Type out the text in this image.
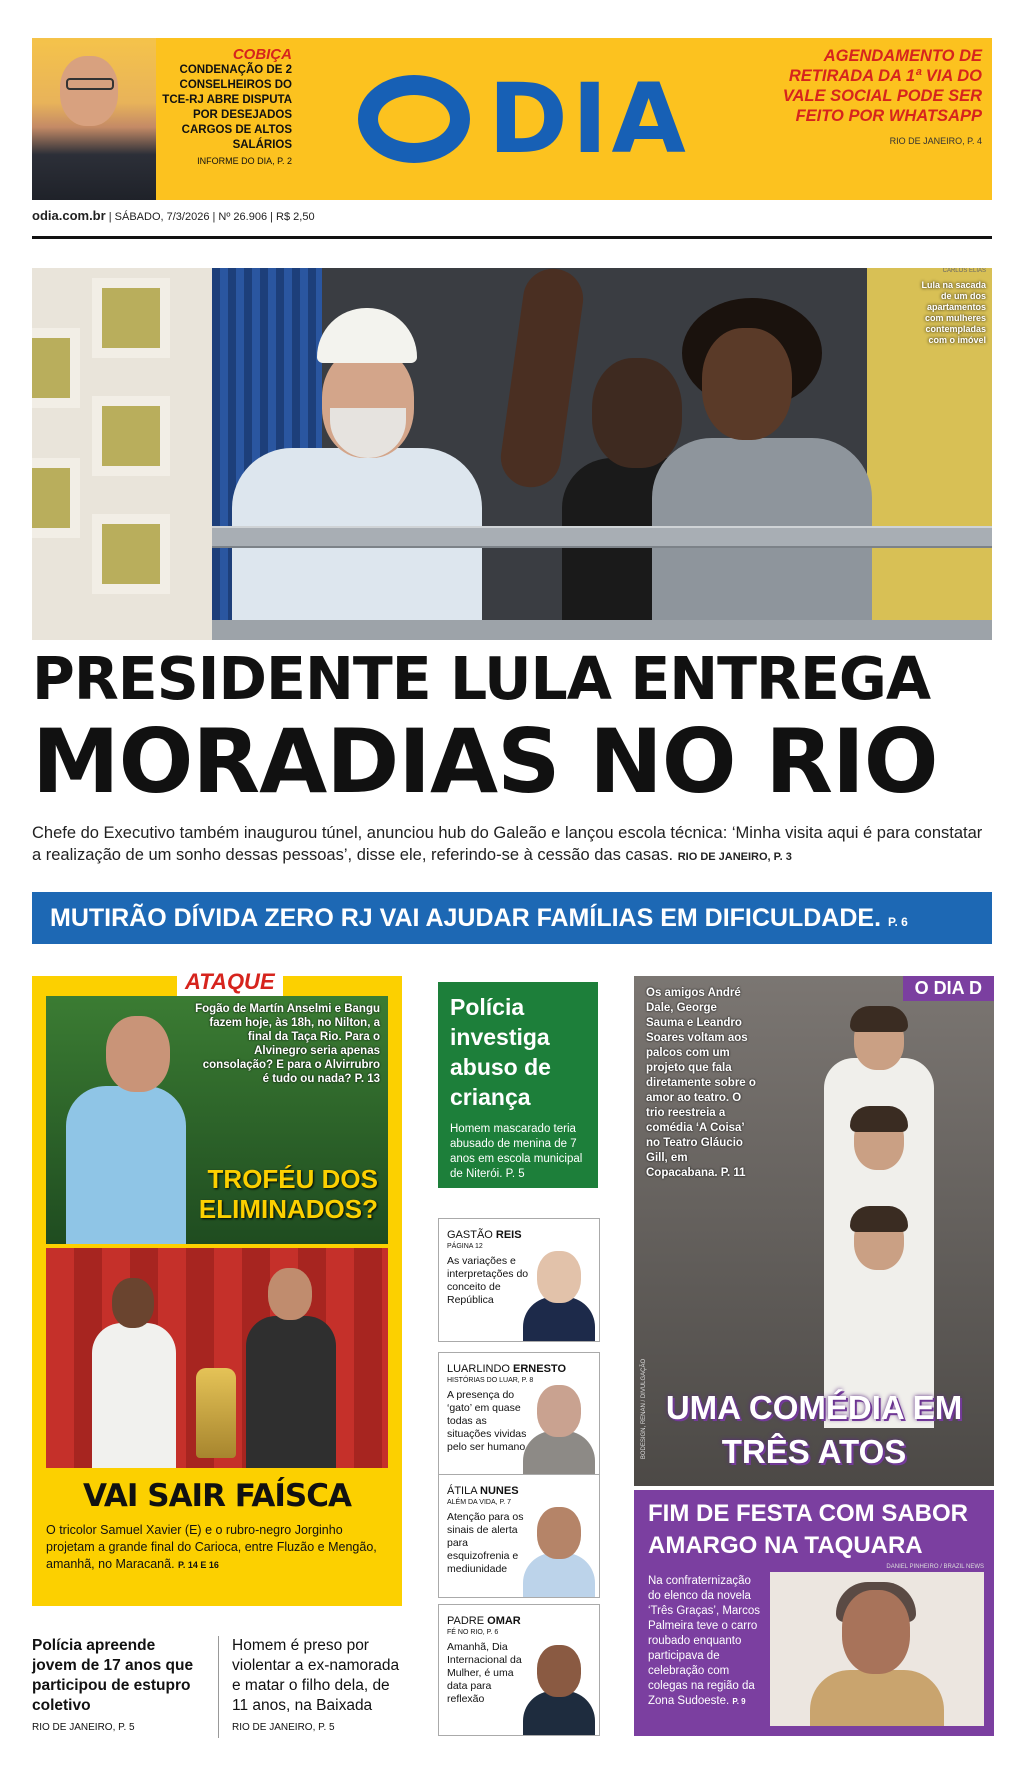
COBIÇA
CONDENAÇÃO DE 2 CONSELHEIROS DO TCE-RJ ABRE DISPUTA POR DESEJADOS CARGOS DE ALTOS SALÁRIOS
INFORME DO DIA, P. 2 DIA
AGENDAMENTO DE RETIRADA DA 1ª VIA DO VALE SOCIAL PODE SER FEITO POR WHATSAPP
RIO DE JANEIRO, P. 4
odia.com.br | SÁBADO, 7/3/2026 | Nº 26.906 | R$ 2,50
Lula na sacada de um dos apartamentos com mulheres contempladas com o imóvel
CARLOS ELIAS
PRESIDENTE LULA ENTREGA
MORADIAS NO RIO
Chefe do Executivo também inaugurou túnel, anunciou hub do Galeão e lançou escola técnica: ‘Minha visita aqui é para constatar a realização de um sonho dessas pessoas’, disse ele, referindo-se à cessão das casas. RIO DE JANEIRO, P. 3
MUTIRÃO DÍVIDA ZERO RJ VAI AJUDAR FAMÍLIAS EM DIFICULDADE. P. 6
ATAQUE
Fogão de Martín Anselmi e Bangu fazem hoje, às 18h, no Nilton, a final da Taça Rio. Para o Alvinegro seria apenas consolação? E para o Alvirrubro é tudo ou nada? P. 13
TROFÉU DOS ELIMINADOS?
VAI SAIR FAÍSCA
O tricolor Samuel Xavier (E) e o rubro-negro Jorginho projetam a grande final do Carioca, entre Fluzão e Mengão, amanhã, no Maracanã. P. 14 E 16
Polícia apreende jovem de 17 anos que participou de estupro coletivo
RIO DE JANEIRO, P. 5
Homem é preso por violentar a ex-namorada e matar o filho dela, de 11 anos, na Baixada
RIO DE JANEIRO, P. 5
Polícia investiga abuso de criança
Homem mascarado teria abusado de menina de 7 anos em escola municipal de Niterói. P. 5
GASTÃO REIS
PÁGINA 12
As variações e interpretações do conceito de República
LUARLINDO ERNESTO
HISTÓRIAS DO LUAR, P. 8
A presença do ‘gato’ em quase todas as situações vividas pelo ser humano
ÁTILA NUNES
ALÉM DA VIDA, P. 7
Atenção para os sinais de alerta para esquizofrenia e mediunidade
PADRE OMAR
FÉ NO RIO, P. 6
Amanhã, Dia Internacional da Mulher, é uma data para reflexão
O DIA D
Os amigos André Dale, George Sauma e Leandro Soares voltam aos palcos com um projeto que fala diretamente sobre o amor ao teatro. O trio reestreia a comédia ‘A Coisa’ no Teatro Gláucio Gill, em Copacabana. P. 11
UMA COMÉDIA EM TRÊS ATOS
BODESIGN, RENAN / DIVULGAÇÃO
FIM DE FESTA COM SABOR AMARGO NA TAQUARA
Na confraternização do elenco da novela ‘Três Graças’, Marcos Palmeira teve o carro roubado enquanto participava de celebração com colegas na região da Zona Sudoeste. P. 9
DANIEL PINHEIRO / BRAZIL NEWS
